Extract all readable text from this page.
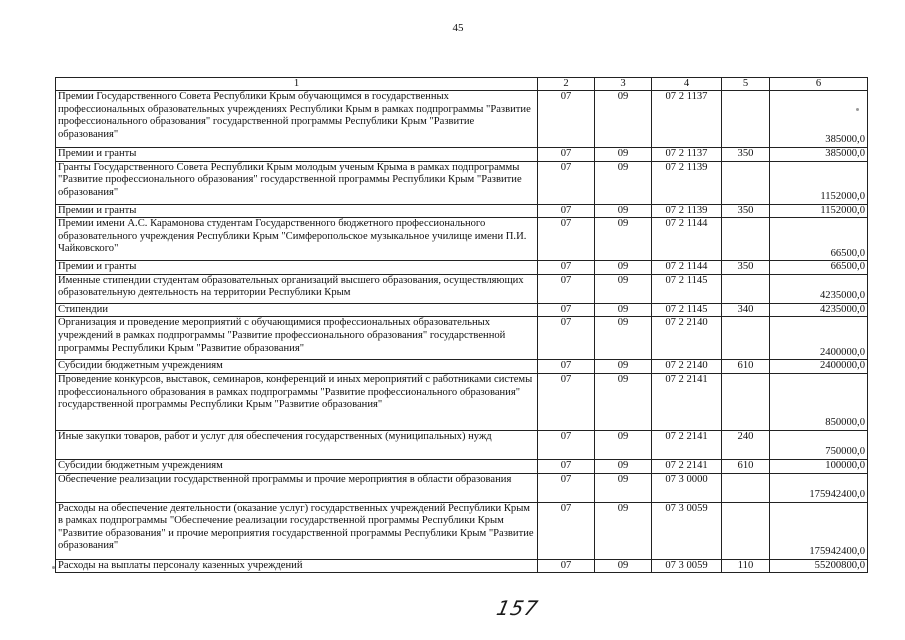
45
1	2	3	4	5	6
Премии Государственного Совета Республики Крым обучающимся в государственных профессиональных образовательных учреждениях Республики Крым в рамках подпрограммы "Развитие профессионального образования" государственной программы Республики Крым "Развитие образования"	07	09	07 2 1137		385000,0
Премии и гранты	07	09	07 2 1137	350	385000,0
Гранты Государственного Совета Республики Крым молодым ученым Крыма в рамках подпрограммы "Развитие профессионального образования" государственной программы Республики Крым "Развитие образования"	07	09	07 2 1139		1152000,0
Премии и гранты	07	09	07 2 1139	350	1152000,0
Премии имени А.С. Карамонова студентам Государственного бюджетного профессионального образовательного учреждения Республики Крым "Симферопольское музыкальное училище имени П.И. Чайковского"	07	09	07 2 1144		66500,0
Премии и гранты	07	09	07 2 1144	350	66500,0
Именные стипендии студентам образовательных организаций высшего образования, осуществляющих образовательную деятельность на территории Республики Крым	07	09	07 2 1145		4235000,0
Стипендии	07	09	07 2 1145	340	4235000,0
Организация и проведение мероприятий с обучающимися профессиональных образовательных учреждений в рамках подпрограммы "Развитие профессионального образования" государственной программы Республики Крым "Развитие образования"	07	09	07 2 2140		2400000,0
Субсидии бюджетным учреждениям	07	09	07 2 2140	610	2400000,0
Проведение конкурсов, выставок, семинаров, конференций и иных мероприятий с работниками системы профессионального образования в рамках подпрограммы "Развитие профессионального образования" государственной программы Республики Крым "Развитие образования"	07	09	07 2 2141		850000,0
Иные закупки товаров, работ и услуг для обеспечения государственных (муниципальных) нужд	07	09	07 2 2141	240	750000,0
Субсидии бюджетным учреждениям	07	09	07 2 2141	610	100000,0
Обеспечение реализации государственной программы и прочие мероприятия в области образования	07	09	07 3 0000		175942400,0
Расходы на обеспечение деятельности (оказание услуг) государственных учреждений Республики Крым в рамках подпрограммы "Обеспечение реализации государственной программы Республики Крым "Развитие образования" и прочие мероприятия государственной программы Республики Крым "Развитие образования"	07	09	07 3 0059		175942400,0
Расходы на выплаты персоналу казенных учреждений	07	09	07 3 0059	110	55200800,0
157
